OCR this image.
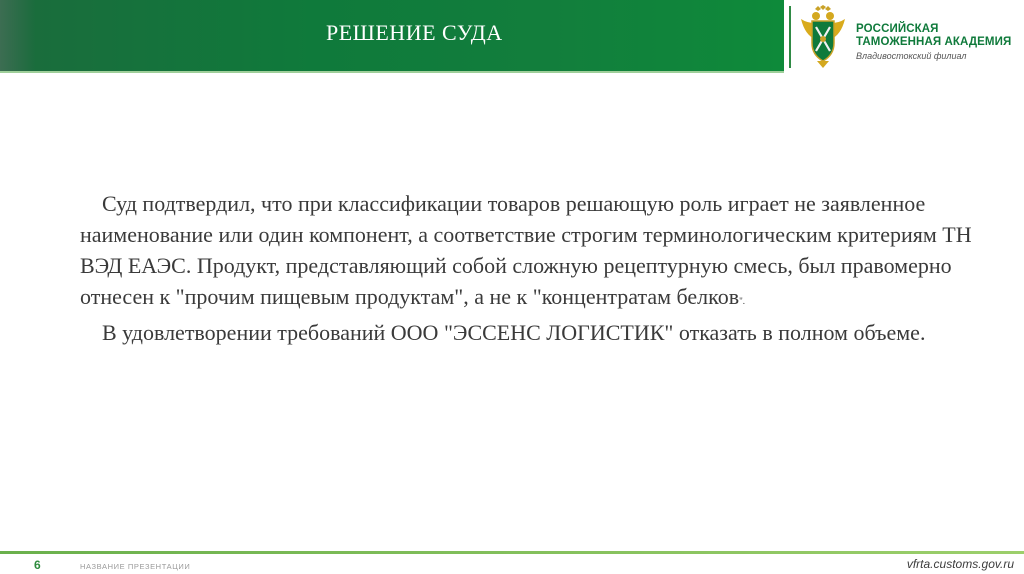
РЕШЕНИЕ СУДА	РОССИЙСКАЯ
ТАМОЖЕННАЯ АКАДЕМИЯ
Владивостокский филиал

Суд подтвердил, что при классификации товаров решающую роль играет не заявленное наименование или один компонент, а соответствие строгим терминологическим критериям ТН ВЭД ЕАЭС. Продукт, представляющий собой сложную рецептурную смесь, был правомерно отнесен к "прочим пищевым продуктам", а не к "концентратам белков".

В удовлетворении требований ООО "ЭССЕНС ЛОГИСТИК" отказать в полном объеме.

6	НАЗВАНИЕ ПРЕЗЕНТАЦИИ	vfrta.customs.gov.ru
